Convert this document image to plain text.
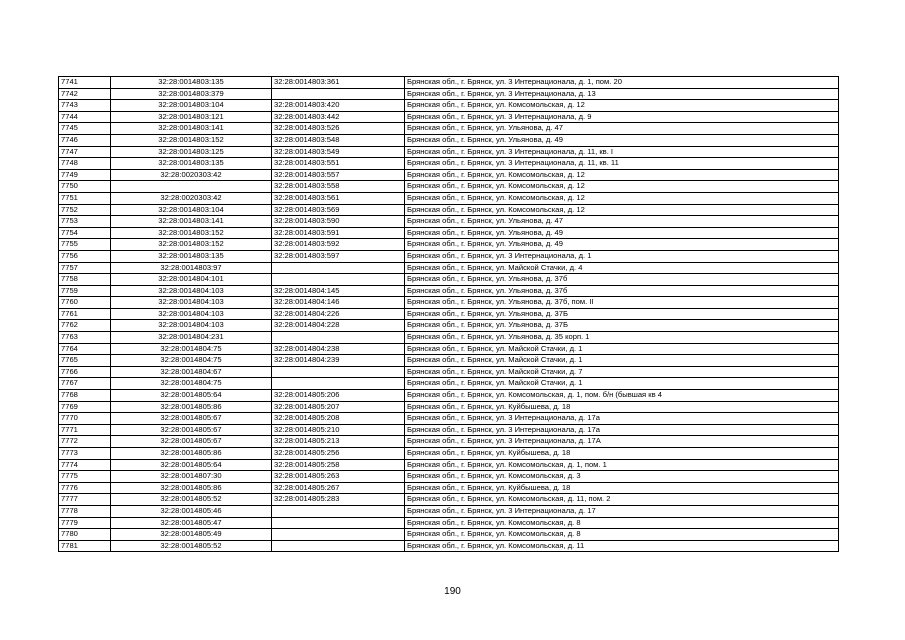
7741	32:28:0014803:135	32:28:0014803:361	Брянская обл., г. Брянск, ул. 3 Интернационала, д. 1, пом. 20
7742	32:28:0014803:379		Брянская обл., г. Брянск, ул. 3 Интернационала, д. 13
7743	32:28:0014803:104	32:28:0014803:420	Брянская обл., г. Брянск, ул. Комсомольская, д. 12
7744	32:28:0014803:121	32:28:0014803:442	Брянская обл., г. Брянск, ул. 3 Интернационала, д. 9
7745	32:28:0014803:141	32:28:0014803:526	Брянская обл., г. Брянск, ул. Ульянова, д. 47
7746	32:28:0014803:152	32:28:0014803:548	Брянская обл., г. Брянск, ул. Ульянова, д. 49
7747	32:28:0014803:125	32:28:0014803:549	Брянская обл., г. Брянск, ул. 3 Интернационала, д. 11, кв. I
7748	32:28:0014803:135	32:28:0014803:551	Брянская обл., г. Брянск, ул. 3 Интернационала, д. 11, кв. 11
7749	32:28:0020303:42	32:28:0014803:557	Брянская обл., г. Брянск, ул. Комсомольская, д. 12
7750		32:28:0014803:558	Брянская обл., г. Брянск, ул. Комсомольская, д. 12
7751	32:28:0020303:42	32:28:0014803:561	Брянская обл., г. Брянск, ул. Комсомольская, д. 12
7752	32:28:0014803:104	32:28:0014803:569	Брянская обл., г. Брянск, ул. Комсомольская, д. 12
7753	32:28:0014803:141	32:28:0014803:590	Брянская обл., г. Брянск, ул. Ульянова, д. 47
7754	32:28:0014803:152	32:28:0014803:591	Брянская обл., г. Брянск, ул. Ульянова, д. 49
7755	32:28:0014803:152	32:28:0014803:592	Брянская обл., г. Брянск, ул. Ульянова, д. 49
7756	32:28:0014803:135	32:28:0014803:597	Брянская обл., г. Брянск, ул. 3 Интернационала, д. 1
7757	32:28:0014803:97		Брянская обл., г. Брянск, ул. Майской Стачки, д. 4
7758	32:28:0014804:101		Брянская обл., г. Брянск, ул. Ульянова, д. 37б
7759	32:28:0014804:103	32:28:0014804:145	Брянская обл., г. Брянск, ул. Ульянова, д. 37б
7760	32:28:0014804:103	32:28:0014804:146	Брянская обл., г. Брянск, ул. Ульянова, д. 37б, пом. II
7761	32:28:0014804:103	32:28:0014804:226	Брянская обл., г. Брянск, ул. Ульянова, д. 37Б
7762	32:28:0014804:103	32:28:0014804:228	Брянская обл., г. Брянск, ул. Ульянова, д. 37Б
7763	32:28:0014804:231		Брянская обл., г. Брянск, ул. Ульянова, д. 35 корп. 1
7764	32:28:0014804:75	32:28:0014804:238	Брянская обл., г. Брянск, ул. Майской Стачки, д. 1
7765	32:28:0014804:75	32:28:0014804:239	Брянская обл., г. Брянск, ул. Майской Стачки, д. 1
7766	32:28:0014804:67		Брянская обл., г. Брянск, ул. Майской Стачки, д. 7
7767	32:28:0014804:75		Брянская обл., г. Брянск, ул. Майской Стачки, д. 1
7768	32:28:0014805:64	32:28:0014805:206	Брянская обл., г. Брянск, ул. Комсомольская, д. 1, пом. б/н (бывшая кв 4
7769	32:28:0014805:86	32:28:0014805:207	Брянская обл., г. Брянск, ул. Куйбышева, д. 18
7770	32:28:0014805:67	32:28:0014805:208	Брянская обл., г. Брянск, ул. 3 Интернационала, д. 17а
7771	32:28:0014805:67	32:28:0014805:210	Брянская обл., г. Брянск, ул. 3 Интернационала, д. 17а
7772	32:28:0014805:67	32:28:0014805:213	Брянская обл., г. Брянск, ул. 3 Интернационала, д. 17А
7773	32:28:0014805:86	32:28:0014805:256	Брянская обл., г. Брянск, ул. Куйбышева, д. 18
7774	32:28:0014805:64	32:28:0014805:258	Брянская обл., г. Брянск, ул. Комсомольская, д. 1, пом. 1
7775	32:28:0014807:30	32:28:0014805:263	Брянская обл., г. Брянск, ул. Комсомольская, д. 3
7776	32:28:0014805:86	32:28:0014805:267	Брянская обл., г. Брянск, ул. Куйбышева, д. 18
7777	32:28:0014805:52	32:28:0014805:283	Брянская обл., г. Брянск, ул. Комсомольская, д. 11, пом. 2
7778	32:28:0014805:46		Брянская обл., г. Брянск, ул. 3 Интернационала, д. 17
7779	32:28:0014805:47		Брянская обл., г. Брянск, ул. Комсомольская, д. 8
7780	32:28:0014805:49		Брянская обл., г. Брянск, ул. Комсомольская, д. 8
7781	32:28:0014805:52		Брянская обл., г. Брянск, ул. Комсомольская, д. 11
190
